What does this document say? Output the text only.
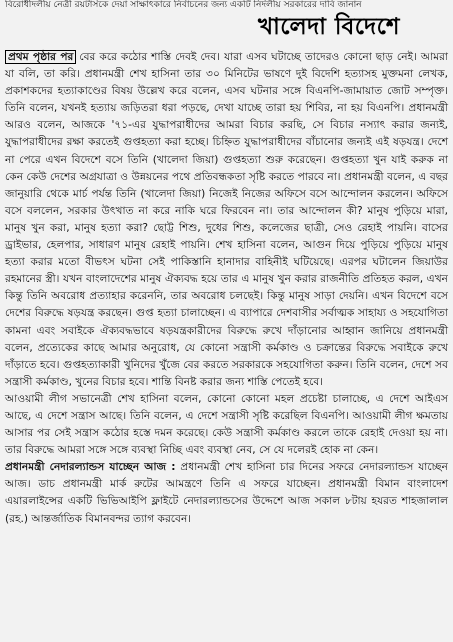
বিরোধীদলীয় নেত্রী রয়টার্সকে দেয়া সাক্ষাৎকারে নির্বাচনের জন্য একটি নির্দলীয় সরকারের দাবি জানান
খালেদা বিদেশে

প্রথম পৃষ্ঠার পর বের করে কঠোর শাস্তি দেবই দেব। যারা এসব ঘটাচ্ছে তাদেরও কোনো ছাড় নেই। আমরা যা বলি, তা করি। প্রধানমন্ত্রী শেখ হাসিনা তার ৩০ মিনিটের ভাষণে দুই বিদেশি হত্যাসহ মুক্তমনা লেখক, প্রকাশকদের হত্যাকাণ্ডের বিষয় উল্লেখ করে বলেন, এসব ঘটনার সঙ্গে বিএনপি-জামায়াত জোট সম্পৃক্ত। তিনি বলেন, যখনই হত্যায় জড়িতরা ধরা পড়ছে, দেখা যাচ্ছে তারা হয় শিবির, না হয় বিএনপি। প্রধানমন্ত্রী আরও বলেন, আজকে '৭১-এর যুদ্ধাপরাধীদের আমরা বিচার করছি, সে বিচার নস্যাৎ করার জন্যই, যুদ্ধাপরাধীদের রক্ষা করতেই গুপ্তহত্যা করা হচ্ছে। চিহ্নিত যুদ্ধাপরাধীদের বাঁচানোর জন্যই এই ষড়যন্ত্র। দেশে না পেরে এখন বিদেশে বসে তিনি (খালেদা জিয়া) গুপ্তহত্যা শুরু করেছেন। গুপ্তহত্যা খুন যাই করুক না কেন কেউ দেশের অগ্রযাত্রা ও উন্নয়নের পথে প্রতিবন্ধকতা সৃষ্টি করতে পারবে না। প্রধানমন্ত্রী বলেন, এ বছর জানুয়ারি থেকে মার্চ পর্যন্ত তিনি (খালেদা জিয়া) নিজেই নিজের অফিসে বসে আন্দোলন করলেন। অফিসে বসে বললেন, সরকার উৎখাত না করে নাকি ঘরে ফিরবেন না। তার আন্দোলন কী? মানুষ পুড়িয়ে মারা, মানুষ খুন করা, মানুষ হত্যা করা? ছোট্ট শিশু, দুধের শিশু, কলেজের ছাত্রী, সেও রেহাই পায়নি। বাসের ড্রাইভার, হেলপার, সাধারণ মানুষ রেহাই পায়নি। শেখ হাসিনা বলেন, আগুন দিয়ে পুড়িয়ে পুড়িয়ে মানুষ হত্যা করার মতো বীভৎস ঘটনা সেই পাকিস্তানি হানাদার বাহিনীই ঘটিয়েছে। এরপর ঘটালেন জিয়াউর রহমানের স্ত্রী। যখন বাংলাদেশের মানুষ ঐক্যবদ্ধ হয়ে তার এ মানুষ খুন করার রাজনীতি প্রতিহত করল, এখন কিন্তু তিনি অবরোধ প্রত্যাহার করেননি, তার অবরোধ চলছেই। কিন্তু মানুষ সাড়া দেয়নি। এখন বিদেশে বসে দেশের বিরুদ্ধে ষড়যন্ত্র করছেন। গুপ্ত হত্যা চালাচ্ছেন। এ ব্যাপারে দেশবাসীর সর্বাত্মক সাহায্য ও সহযোগিতা কামনা এবং সবাইকে ঐক্যবদ্ধভাবে ষড়যন্ত্রকারীদের বিরুদ্ধে রুখে দাঁড়ানোর আহ্বান জানিয়ে প্রধানমন্ত্রী বলেন, প্রত্যেকের কাছে আমার অনুরোধ, যে কোনো সন্ত্রাসী কর্মকাণ্ড ও চক্রান্তের বিরুদ্ধে সবাইকে রুখে দাঁড়াতে হবে। গুপ্তহত্যাকারী খুনিদের খুঁজে বের করতে সরকারকে সহযোগিতা করুন। তিনি বলেন, দেশে সব সন্ত্রাসী কর্মকাণ্ড, খুনের বিচার হবে। শান্তি বিনষ্ট করার জন্য শাস্তি পেতেই হবে।

আওয়ামী লীগ সভানেত্রী শেখ হাসিনা বলেন, কোনো কোনো মহল প্রচেষ্টা চালাচ্ছে, এ দেশে আইএস আছে, এ দেশে সন্ত্রাস আছে। তিনি বলেন, এ দেশে সন্ত্রাসী সৃষ্টি করেছিল বিএনপি। আওয়ামী লীগ ক্ষমতায় আসার পর সেই সন্ত্রাস কঠোর হস্তে দমন করেছে। কেউ সন্ত্রাসী কর্মকাণ্ড করলে তাকে রেহাই দেওয়া হয় না। তার বিরুদ্ধে আমরা সঙ্গে সঙ্গে ব্যবস্থা নিচ্ছি এবং ব্যবস্থা নেব, সে যে দলেরই হোক না কেন।

প্রধানমন্ত্রী নেদারল্যান্ডস যাচ্ছেন আজ : প্রধানমন্ত্রী শেখ হাসিনা চার দিনের সফরে নেদারল্যান্ডস যাচ্ছেন আজ। ডাচ প্রধানমন্ত্রী মার্ক রুটের আমন্ত্রণে তিনি এ সফরে যাচ্ছেন। প্রধানমন্ত্রী বিমান বাংলাদেশ এয়ারলাইন্সের একটি ভিভিআইপি ফ্লাইটে নেদারল্যান্ডসের উদ্দেশে আজ সকাল ৮টায় হযরত শাহজালাল (রহ.) আন্তর্জাতিক বিমানবন্দর ত্যাগ করবেন।
